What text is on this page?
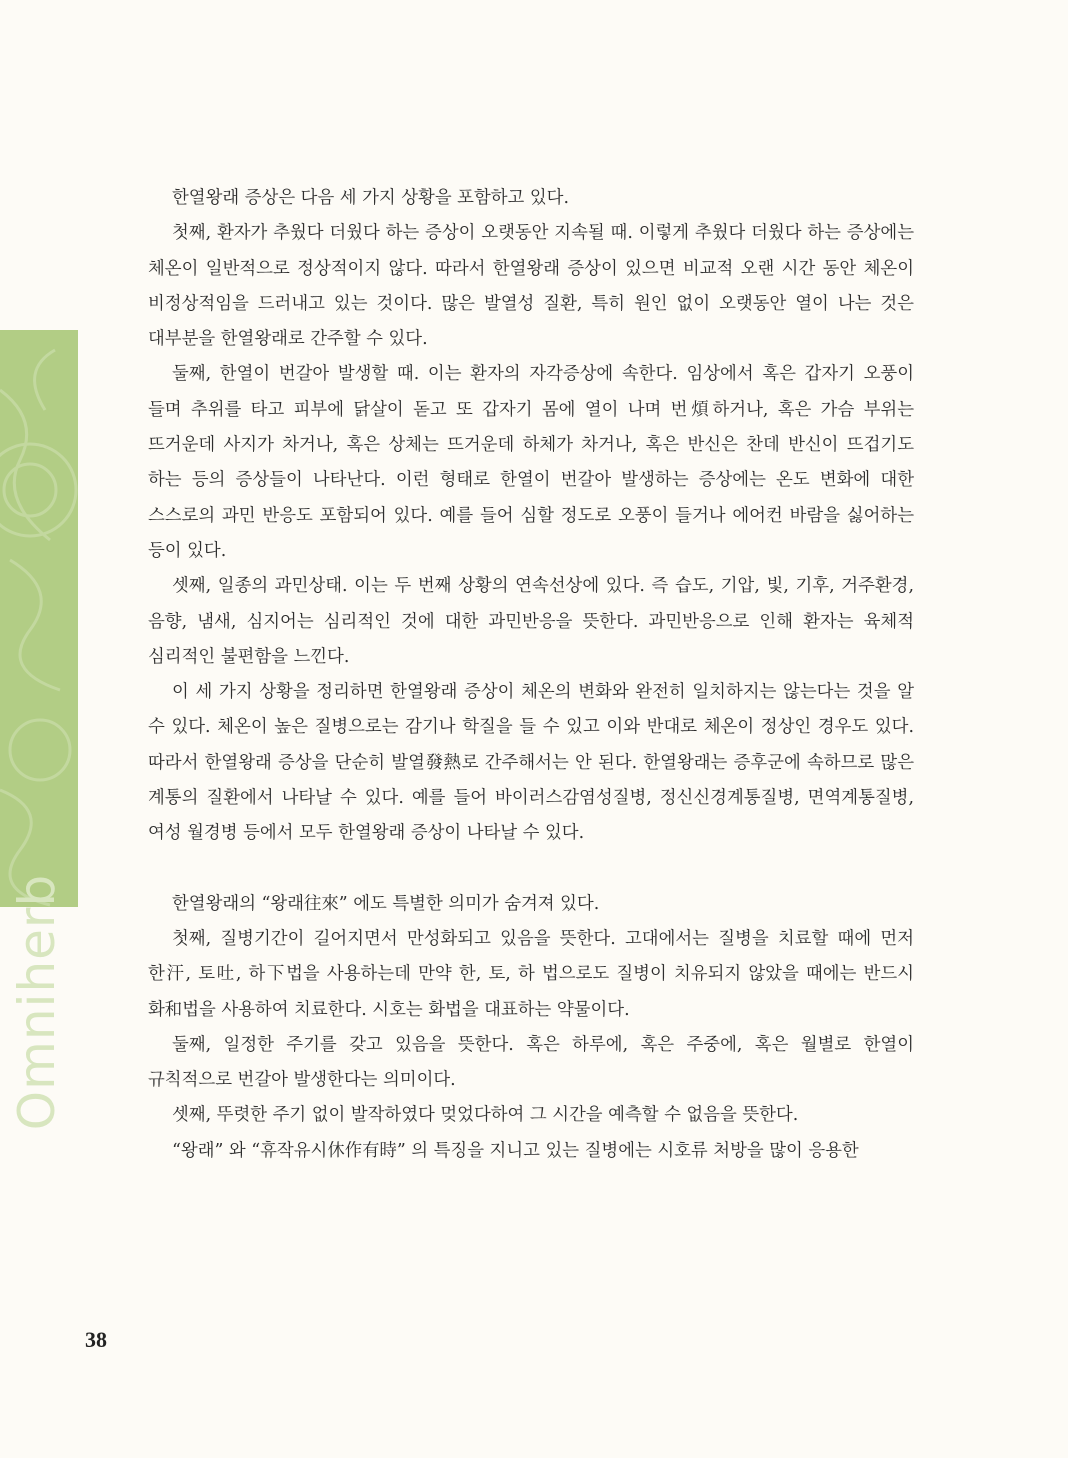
Omniherb

한열왕래 증상은 다음 세 가지 상황을 포함하고 있다.

첫째, 환자가 추웠다 더웠다 하는 증상이 오랫동안 지속될 때. 이렇게 추웠다 더웠다 하는 증상에는 체온이 일반적으로 정상적이지 않다. 따라서 한열왕래 증상이 있으면 비교적 오랜 시간 동안 체온이 비정상적임을 드러내고 있는 것이다. 많은 발열성 질환, 특히 원인 없이 오랫동안 열이 나는 것은 대부분을 한열왕래로 간주할 수 있다.

둘째, 한열이 번갈아 발생할 때. 이는 환자의 자각증상에 속한다. 임상에서 혹은 갑자기 오풍이 들며 추위를 타고 피부에 닭살이 돋고 또 갑자기 몸에 열이 나며 번煩하거나, 혹은 가슴 부위는 뜨거운데 사지가 차거나, 혹은 상체는 뜨거운데 하체가 차거나, 혹은 반신은 찬데 반신이 뜨겁기도 하는 등의 증상들이 나타난다. 이런 형태로 한열이 번갈아 발생하는 증상에는 온도 변화에 대한 스스로의 과민 반응도 포함되어 있다. 예를 들어 심할 정도로 오풍이 들거나 에어컨 바람을 싫어하는 등이 있다.

셋째, 일종의 과민상태. 이는 두 번째 상황의 연속선상에 있다. 즉 습도, 기압, 빛, 기후, 거주환경, 음향, 냄새, 심지어는 심리적인 것에 대한 과민반응을 뜻한다. 과민반응으로 인해 환자는 육체적 심리적인 불편함을 느낀다.

이 세 가지 상황을 정리하면 한열왕래 증상이 체온의 변화와 완전히 일치하지는 않는다는 것을 알 수 있다. 체온이 높은 질병으로는 감기나 학질을 들 수 있고 이와 반대로 체온이 정상인 경우도 있다. 따라서 한열왕래 증상을 단순히 발열發熱로 간주해서는 안 된다. 한열왕래는 증후군에 속하므로 많은 계통의 질환에서 나타날 수 있다. 예를 들어 바이러스감염성질병, 정신신경계통질병, 면역계통질병, 여성 월경병 등에서 모두 한열왕래 증상이 나타날 수 있다.

한열왕래의 “왕래往來” 에도 특별한 의미가 숨겨져 있다.

첫째, 질병기간이 길어지면서 만성화되고 있음을 뜻한다. 고대에서는 질병을 치료할 때에 먼저 한汗, 토吐, 하下법을 사용하는데 만약 한, 토, 하 법으로도 질병이 치유되지 않았을 때에는 반드시 화和법을 사용하여 치료한다. 시호는 화법을 대표하는 약물이다.

둘째, 일정한 주기를 갖고 있음을 뜻한다. 혹은 하루에, 혹은 주중에, 혹은 월별로 한열이 규칙적으로 번갈아 발생한다는 의미이다.

셋째, 뚜렷한 주기 없이 발작하였다 멎었다하여 그 시간을 예측할 수 없음을 뜻한다.

“왕래” 와 “휴작유시休作有時” 의 특징을 지니고 있는 질병에는 시호류 처방을 많이 응용한

38
